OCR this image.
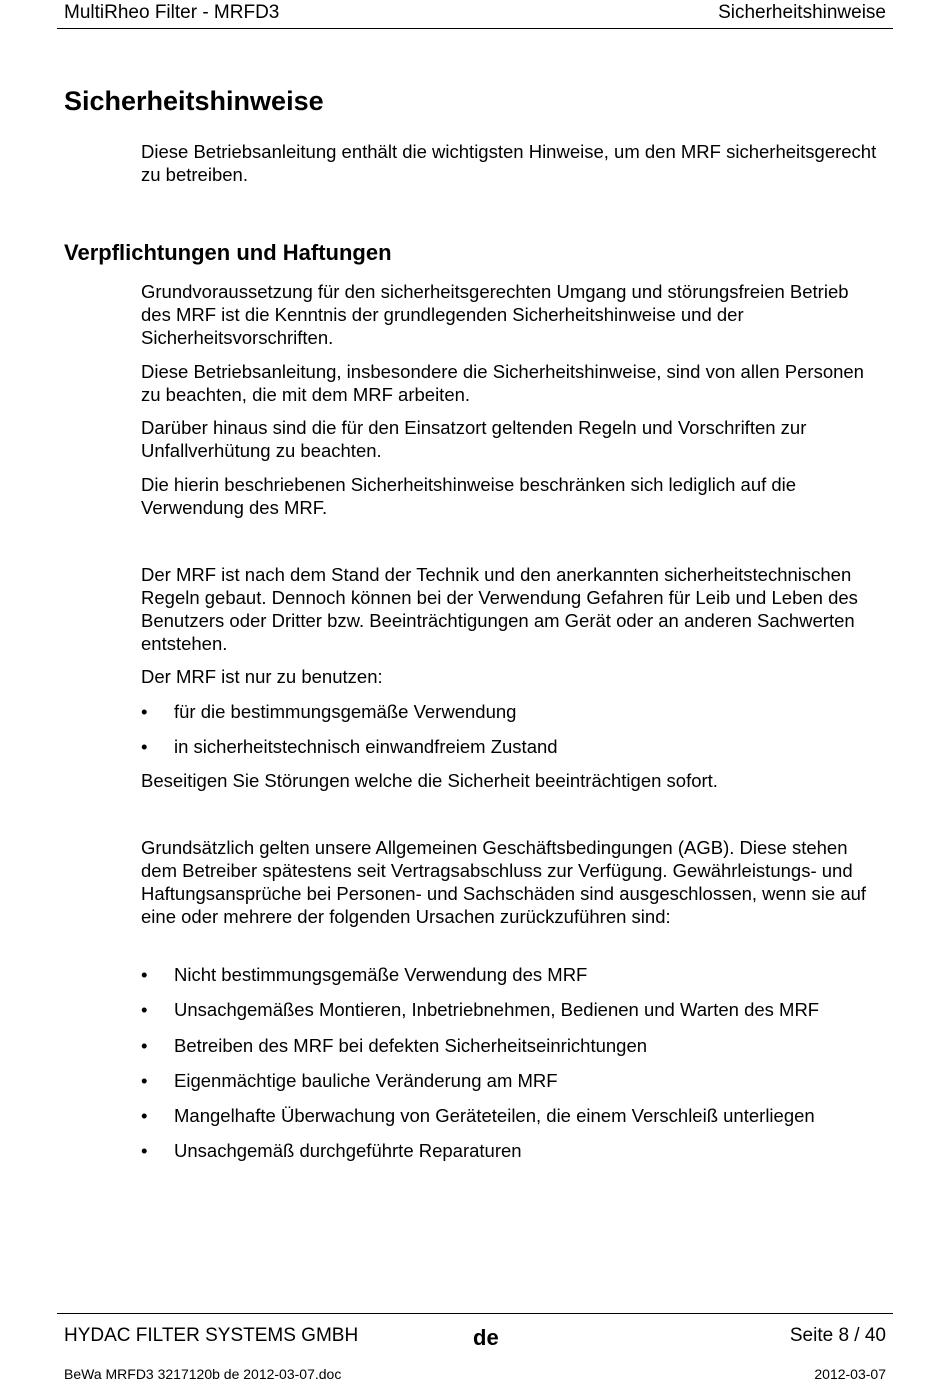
MultiRheo Filter - MRFD3	Sicherheitshinweise
Sicherheitshinweise

Diese Betriebsanleitung enthält die wichtigsten Hinweise, um den MRF sicherheitsgerecht zu betreiben.

Verpflichtungen und Haftungen

Grundvoraussetzung für den sicherheitsgerechten Umgang und störungsfreien Betrieb des MRF ist die Kenntnis der grundlegenden Sicherheitshinweise und der Sicherheitsvorschriften.

Diese Betriebsanleitung, insbesondere die Sicherheitshinweise, sind von allen Personen zu beachten, die mit dem MRF arbeiten.

Darüber hinaus sind die für den Einsatzort geltenden Regeln und Vorschriften zur Unfallverhütung zu beachten.

Die hierin beschriebenen Sicherheitshinweise beschränken sich lediglich auf die Verwendung des MRF.

Der MRF ist nach dem Stand der Technik und den anerkannten sicherheitstechnischen Regeln gebaut. Dennoch können bei der Verwendung Gefahren für Leib und Leben des Benutzers oder Dritter bzw. Beeinträchtigungen am Gerät oder an anderen Sachwerten entstehen.

Der MRF ist nur zu benutzen:

• für die bestimmungsgemäße Verwendung
• in sicherheitstechnisch einwandfreiem Zustand

Beseitigen Sie Störungen welche die Sicherheit beeinträchtigen sofort.

Grundsätzlich gelten unsere Allgemeinen Geschäftsbedingungen (AGB). Diese stehen dem Betreiber spätestens seit Vertragsabschluss zur Verfügung. Gewährleistungs- und Haftungsansprüche bei Personen- und Sachschäden sind ausgeschlossen, wenn sie auf eine oder mehrere der folgenden Ursachen zurückzuführen sind:

• Nicht bestimmungsgemäße Verwendung des MRF
• Unsachgemäßes Montieren, Inbetriebnehmen, Bedienen und Warten des MRF
• Betreiben des MRF bei defekten Sicherheitseinrichtungen
• Eigenmächtige bauliche Veränderung am MRF
• Mangelhafte Überwachung von Geräteteilen, die einem Verschleiß unterliegen
• Unsachgemäß durchgeführte Reparaturen
HYDAC FILTER SYSTEMS GMBH	de	Seite 8 / 40
BeWa MRFD3 3217120b de 2012-03-07.doc	2012-03-07
